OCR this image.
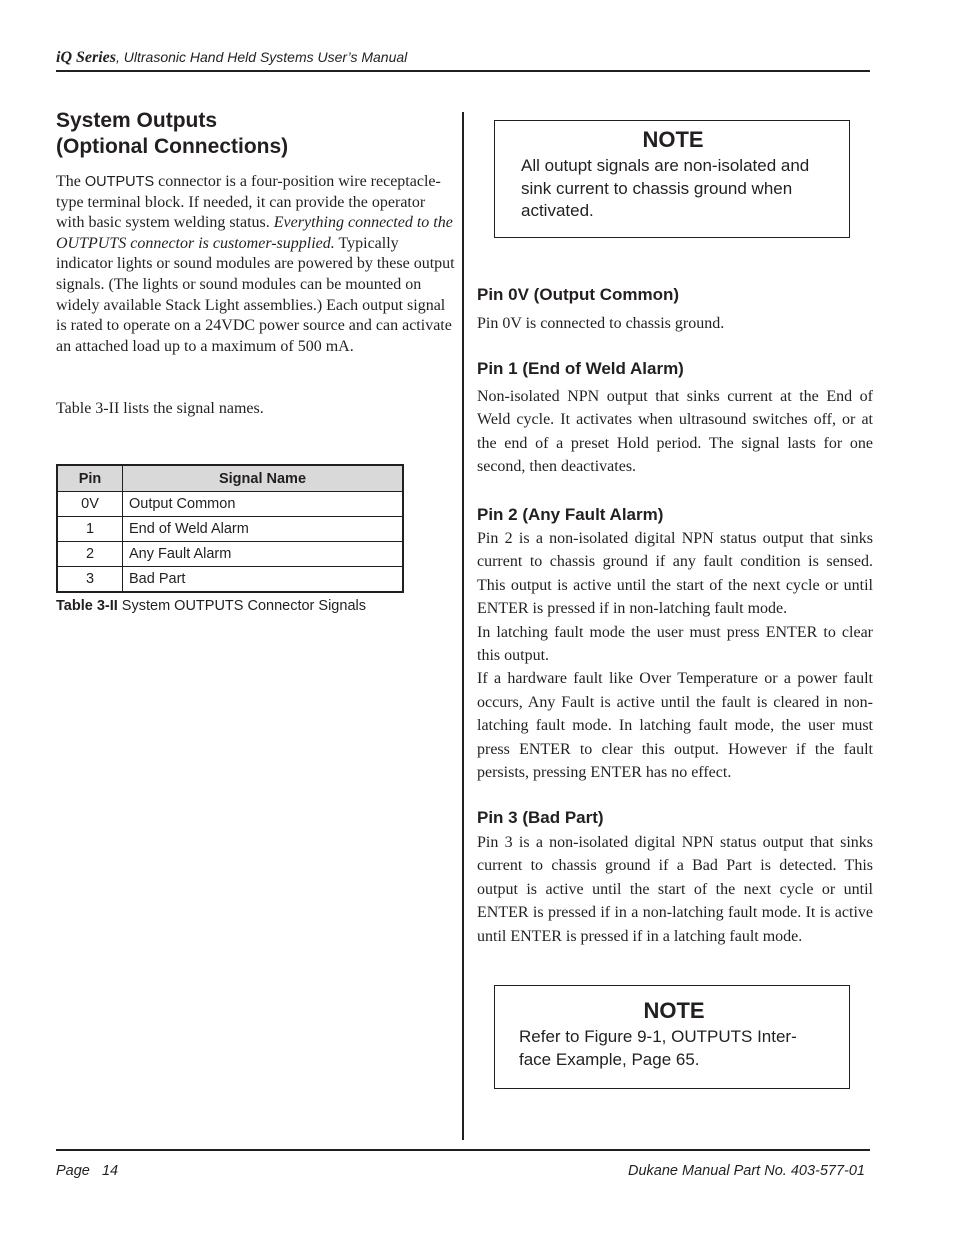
iQ Series, Ultrasonic Hand Held Systems User’s Manual
System Outputs
(Optional Connections)
The OUTPUTS connector is a four-position wire receptacle-type terminal block. If needed, it can provide the operator with basic system welding status. Everything connected to the OUTPUTS connector is customer-supplied. Typically indicator lights or sound modules are powered by these output signals. (The lights or sound modules can be mounted on widely available Stack Light assemblies.) Each output signal is rated to operate on a 24VDC power source and can activate an attached load up to a maximum of 500 mA.
Table 3-II lists the signal names.
Pin	Signal Name
0V	Output Common
1	End of Weld Alarm
2	Any Fault Alarm
3	Bad Part
Table 3-II System OUTPUTS Connector Signals
NOTE
All outupt signals are non-isolated and sink current to chassis ground when activated.
Pin 0V (Output Common)
Pin 0V is connected to chassis ground.
Pin 1 (End of Weld Alarm)
Non-isolated NPN output that sinks current at the End of Weld cycle. It activates when ultrasound switches off, or at the end of a preset Hold period. The signal lasts for one second, then deactivates.
Pin 2 (Any Fault Alarm)

Pin 2 is a non-isolated digital NPN status output that sinks current to chassis ground if any fault condition is sensed. This output is active until the start of the next cycle or until ENTER is pressed if in non-latching fault mode.

In latching fault mode the user must press ENTER to clear this output.

If a hardware fault like Over Temperature or a power fault occurs, Any Fault is active until the fault is cleared in non-latching fault mode. In latching fault mode, the user must press ENTER to clear this output. However if the fault persists, pressing ENTER has no effect.

Pin 3 (Bad Part)
Pin 3 is a non-isolated digital NPN status output that sinks current to chassis ground if a Bad Part is detected. This output is active until the start of the next cycle or until ENTER is pressed if in a non-latching fault mode. It is active until ENTER is pressed if in a latching fault mode.
NOTE
Refer to Figure 9-1, OUTPUTS Inter-
face Example, Page 65.
Page   14	Dukane Manual Part No. 403-577-01
